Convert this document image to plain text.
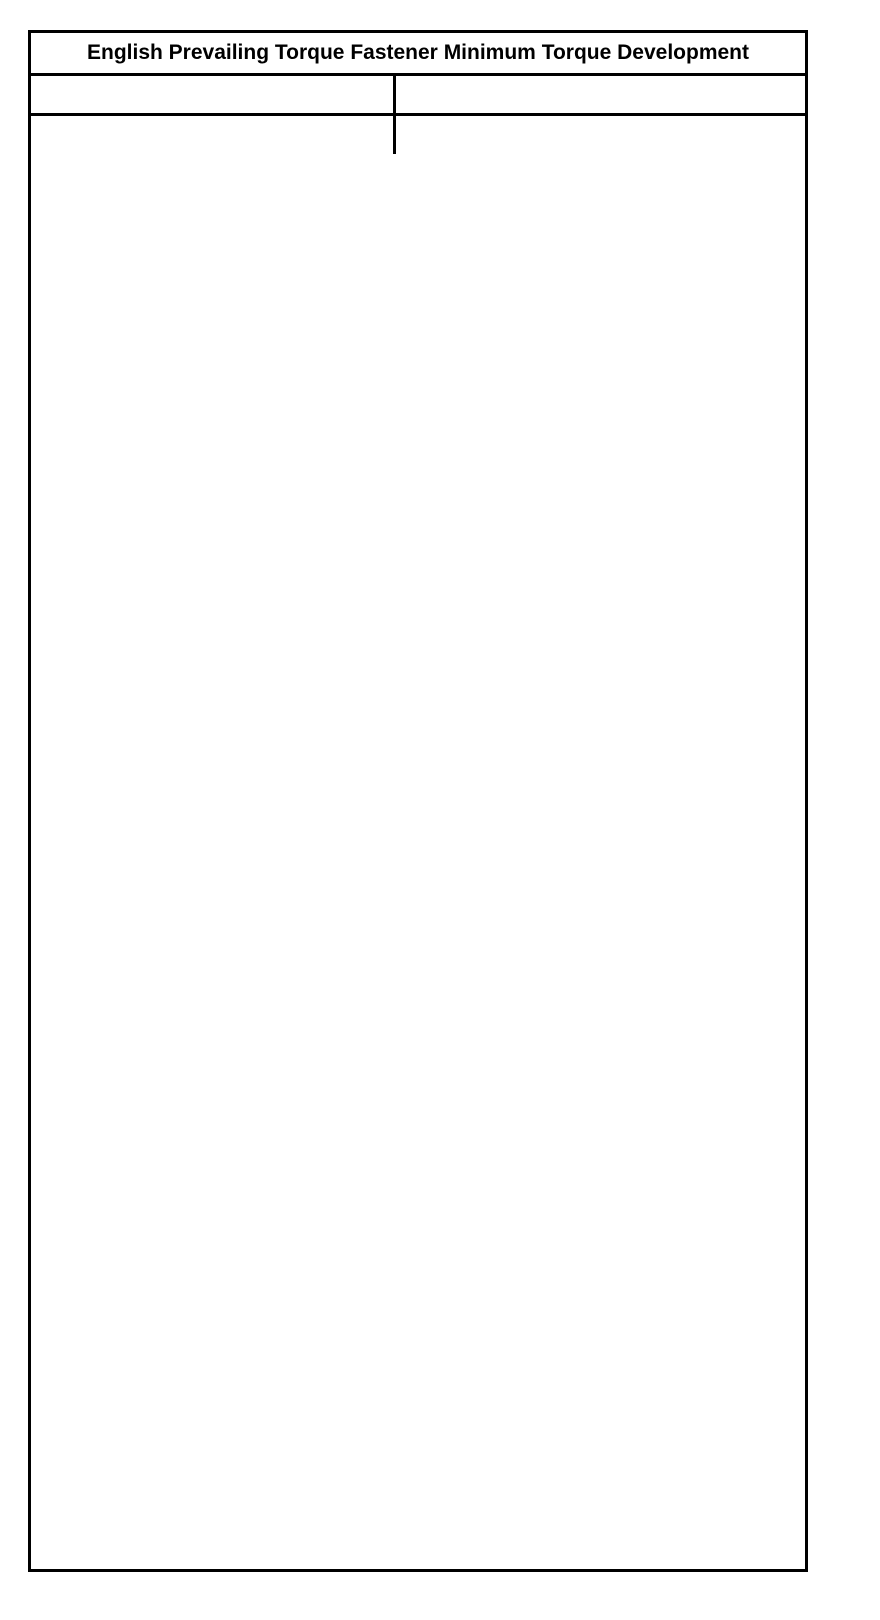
English Prevailing Torque Fastener Minimum Torque Development
